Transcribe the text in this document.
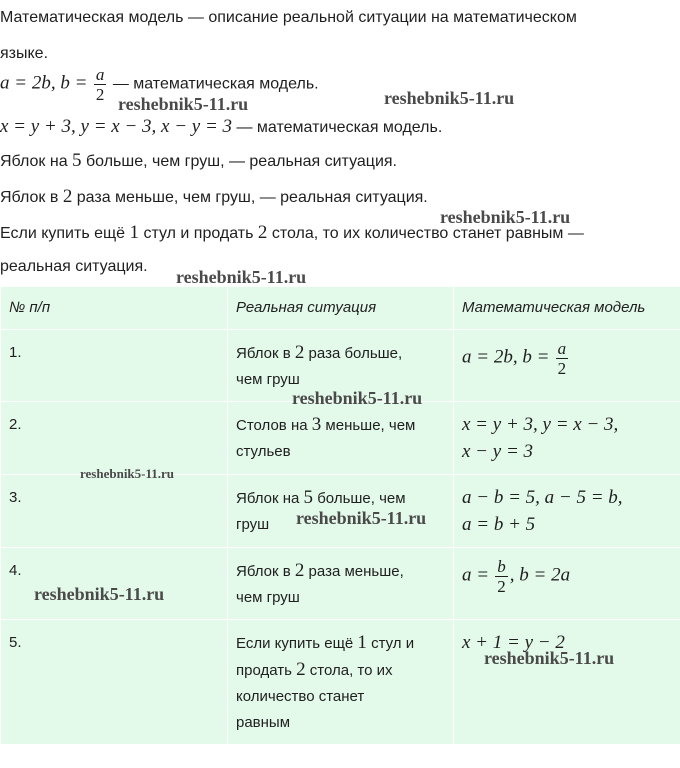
Математическая модель — описание реальной ситуации на математическом
языке.
a = 2b, $b = \frac{a}{2}$ — математическая модель.
x = y + 3, y = x − 3, x − y = 3 — математическая модель.
Яблок на 5 больше, чем груш, — реальная ситуация.
Яблок в 2 раза меньше, чем груш, — реальная ситуация.
Если купить ещё 1 стул и продать 2 стола, то их количество станет равным —
реальная ситуация.
№ п/п	Реальная ситуация	Математическая модель
1.	Яблок в 2 раза больше,
чем груш	a = 2b, $b = \frac{a}{2}$

2.	Столов на 3 меньше, чем
стульев	x = y + 3, y = x − 3,
x − y = 3
3.	Яблок на 5 больше, чем
груш	a − b = 5, a − 5 = b,
a = b + 5
4.	Яблок в 2 раза меньше,
чем груш	$a = \frac{b}{2}$ , b = 2a
5.	Если купить ещё 1 стул и
продать 2 стола, то их
количество станет
равным	x + 1 = y − 2
reshebnik5-11.ru	reshebnik5-11.ru
reshebnik5-11.ru
reshebnik5-11.ru
reshebnik5-11.ru
reshebnik5-11.ru
reshebnik5-11.ru
reshebnik5-11.ru
reshebnik5-11.ru
